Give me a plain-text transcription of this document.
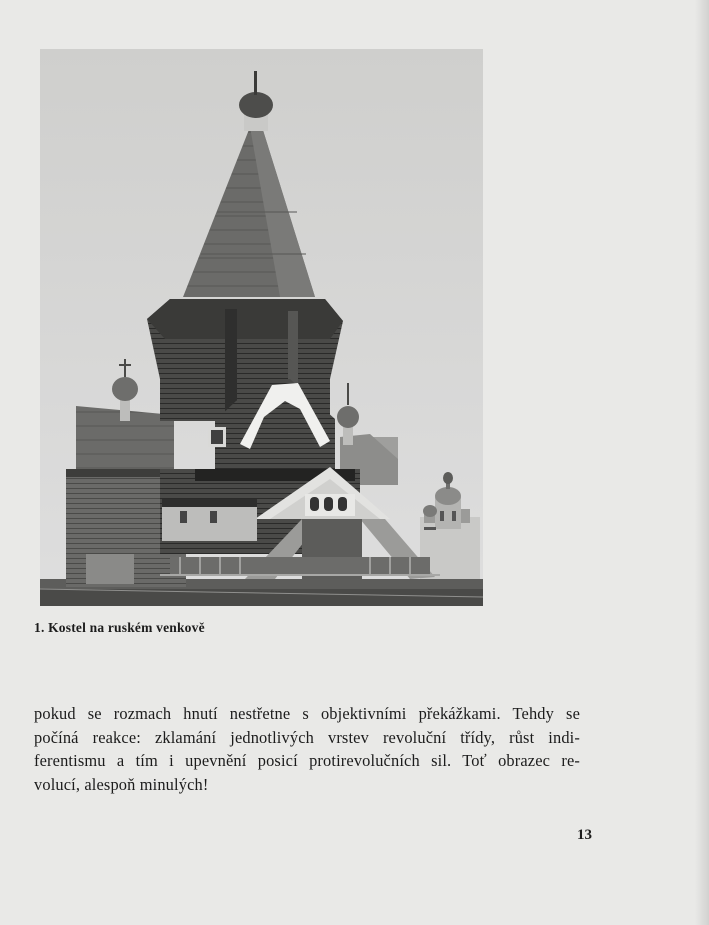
1. Kostel na ruském venkově
pokud se rozmach hnutí nestřetne s objektivními překážkami. Tehdy se
počíná reakce: zklamání jednotlivých vrstev revoluční třídy, růst indi-
ferentismu a tím i upevnění posicí protirevolučních sil. Toť obrazec re-
volucí, alespoň minulých!
13
